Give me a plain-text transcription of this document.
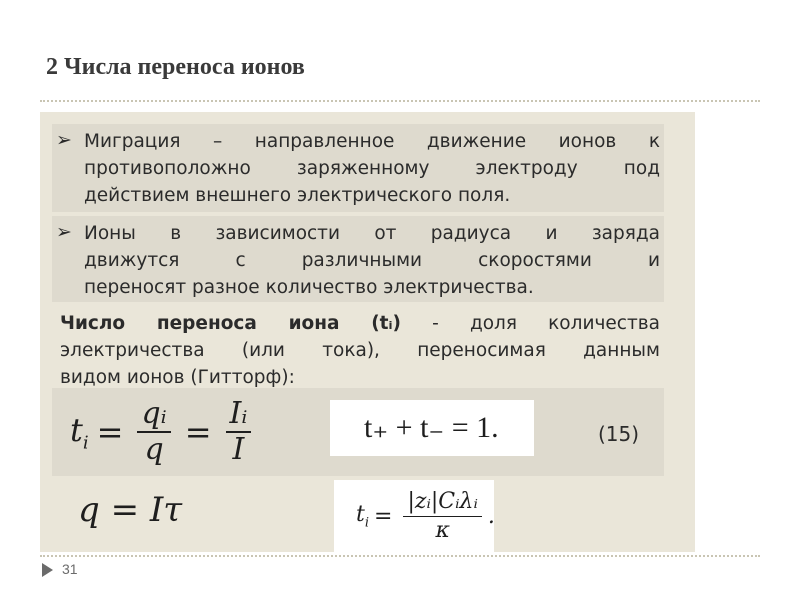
2 Числа переноса ионов
➢ Миграция – направленное движение ионов к
противоположно заряженному электроду под
действием внешнего электрического поля.
➢ Ионы в зависимости от радиуса и заряда
движутся с различными скоростями и
переносят разное количество электричества.
Число переноса иона (tᵢ) - доля количества
электричества (или тока), переносимая данным
видом ионов (Гитторф):
$t_i = \frac{\text{qᵢ}}{q} = \frac{\text{Iᵢ}}{I}$	t₊ + t₋ = 1.	(15)
q = Iτ	$t_i = \frac{\text{|zᵢ|Cᵢλᵢ}}{\kappa}$ .
31
